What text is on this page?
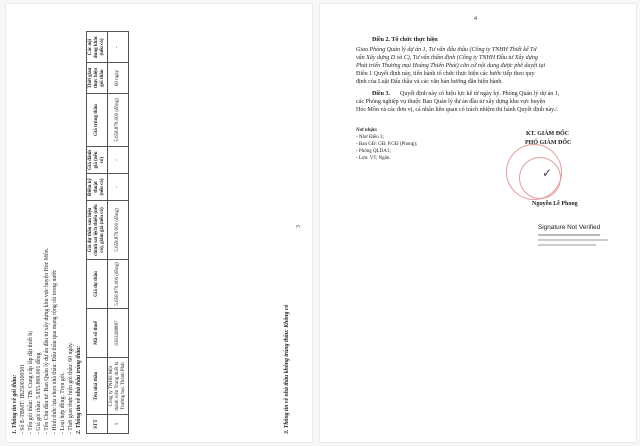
3
1. Thông tin về gói thầu: - Số E-TBMT: IB2500300581 - Tên gói thầu: TB: Cung cấp lắp đặt thiết bị - Giá gói thầu: 5.855.869.001 đồng - Tên Chủ đầu tư: Ban Quản lý dự án đầu tư xây dựng khu vực huyện Hóc Môn. - Hình thức lựa chọn nhà thầu: Đấu thầu qua mạng rộng rãi trong nước - Loại hợp đồng: Trọn gói. - Thời gian thực hiện gói thầu: 60 ngày. 2. Thông tin về nhà thầu trúng thầu:	STT	Tên nhà thầu	Mã số thuế	Giá dự thầu	Giá dự thầu sau hiệu chỉnh sai lệch thiếu (nếu có), giảm giá (nếu có)	Điểm kỹ thuật (nếu có)	Giá đánh giá (nếu có)	Giá trúng thầu	Thời gian thực hiện gói thầu	Các nội dung khác (nếu có)
1	Công ty TNHH Một thành viên Trang thiết bị Trường học Thành Phát	0303268887	5.658.879.000 (đồng)	5.658.879.000 (đồng)	-	-	5.658.879.000 (đồng)	60 ngày	-
3. Thông tin về nhà thầu không trúng thầu: Không có
4
Điều 2. Tổ chức thực hiện
Giao Phòng Quản lý dự án 1, Tư vấn đấu thầu (Công ty TNHH Thiết kế Tư
vấn Xây dựng D và C), Tư vấn thẩm định (Công ty TNHH Đầu tư Xây dựng
Phát triển Thương mại Hoàng Thiên Phát) căn cứ nội dung được phê duyệt tại
Điều 1 Quyết định này, tiến hành tổ chức thực hiện các bước tiếp theo quy
định của Luật Đấu thầu và các văn bản hướng dẫn hiện hành.
Điều 3. Quyết định này có hiệu lực kể từ ngày ký. Phòng Quản lý dự án 1,
các Phòng nghiệp vụ thuộc Ban Quản lý dự án đầu tư xây dựng khu vực huyện
Hóc Môn và các đơn vị, cá nhân liên quan có trách nhiệm thi hành Quyết định này./.
Nơi nhận:
- Như Điều 3;
- Ban GĐ: GĐ, P.GĐ (Phong);
- Phòng QLDA1;
- Lưu: VT, Ngân.
KT. GIÁM ĐỐC
PHÓ GIÁM ĐỐC
✓
Nguyễn Lễ Phong
Signature Not Verified
